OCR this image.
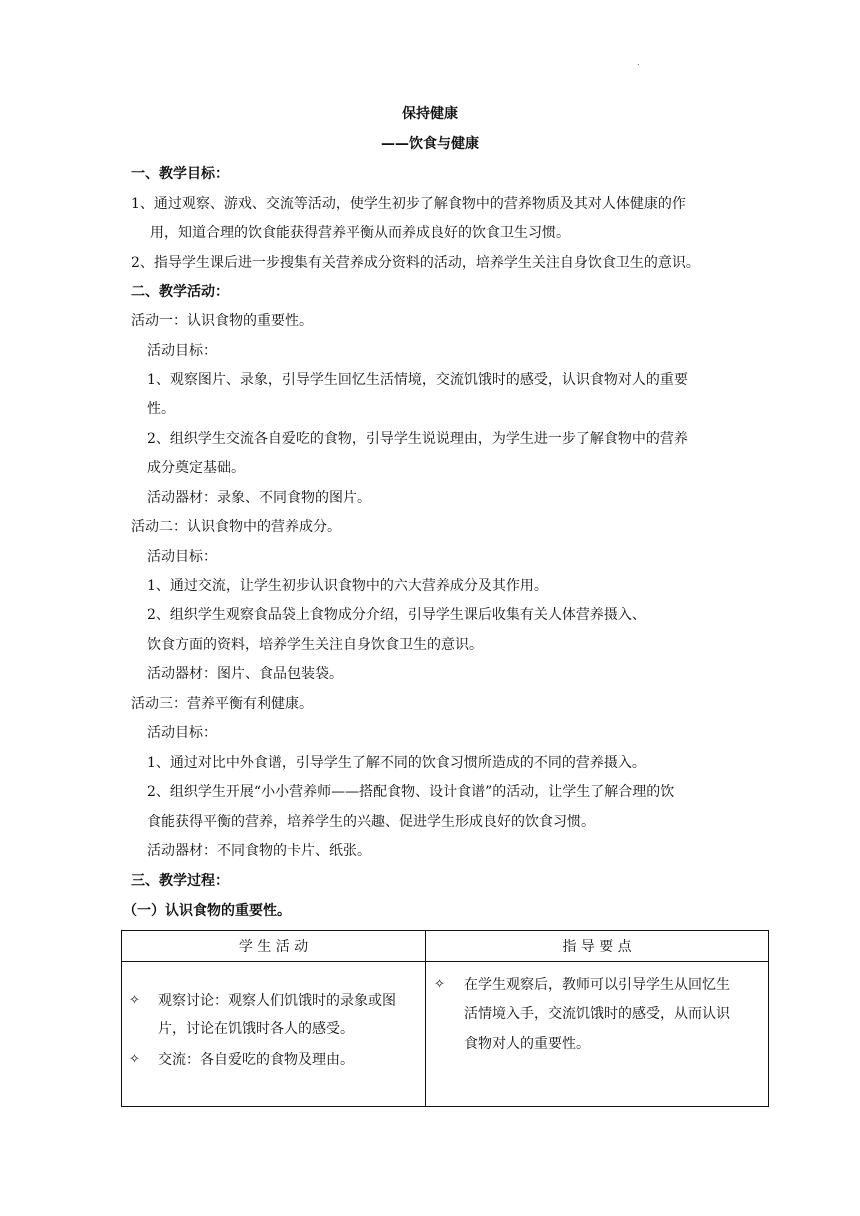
.
保持健康
——饮食与健康
一、教学目标：
1、通过观察、游戏、交流等活动，使学生初步了解食物中的营养物质及其对人体健康的作
用，知道合理的饮食能获得营养平衡从而养成良好的饮食卫生习惯。
2、指导学生课后进一步搜集有关营养成分资料的活动，培养学生关注自身饮食卫生的意识。
二、教学活动：
活动一：认识食物的重要性。
活动目标：
1、观察图片、录象，引导学生回忆生活情境，交流饥饿时的感受，认识食物对人的重要
性。
2、组织学生交流各自爱吃的食物，引导学生说说理由，为学生进一步了解食物中的营养
成分奠定基础。
活动器材：录象、不同食物的图片。
活动二：认识食物中的营养成分。
活动目标：
1、通过交流，让学生初步认识食物中的六大营养成分及其作用。
2、组织学生观察食品袋上食物成分介绍，引导学生课后收集有关人体营养摄入、
饮食方面的资料，培养学生关注自身饮食卫生的意识。
活动器材：图片、食品包装袋。
活动三：营养平衡有利健康。
活动目标：
1、通过对比中外食谱，引导学生了解不同的饮食习惯所造成的不同的营养摄入。
2、组织学生开展“小小营养师——搭配食物、设计食谱”的活动，让学生了解合理的饮
食能获得平衡的营养，培养学生的兴趣、促进学生形成良好的饮食习惯。
活动器材：不同食物的卡片、纸张。
三、教学过程：
（一）认识食物的重要性。
学 生 活 动	指 导 要 点

✧ 观察讨论：观察人们饥饿时的录象或图
片，讨论在饥饿时各人的感受。
✧ 交流：各自爱吃的食物及理由。	✧ 在学生观察后，教师可以引导学生从回忆生
活情境入手，交流饥饿时的感受，从而认识
食物对人的重要性。
